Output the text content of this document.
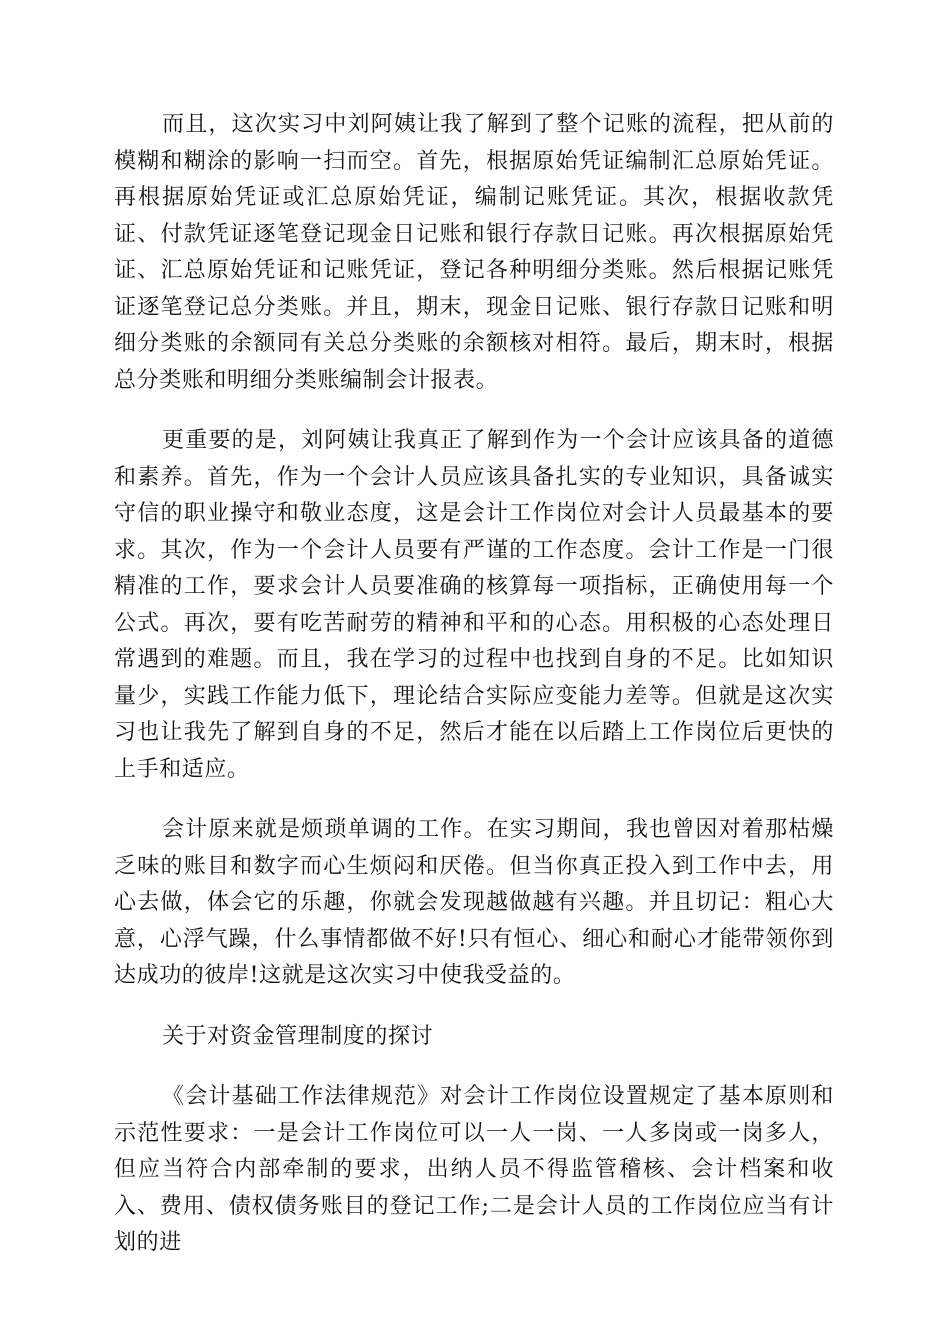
而且，这次实习中刘阿姨让我了解到了整个记账的流程，把从前的模糊和糊涂的影响一扫而空。首先，根据原始凭证编制汇总原始凭证。再根据原始凭证或汇总原始凭证，编制记账凭证。其次，根据收款凭证、付款凭证逐笔登记现金日记账和银行存款日记账。再次根据原始凭证、汇总原始凭证和记账凭证，登记各种明细分类账。然后根据记账凭证逐笔登记总分类账。并且，期末，现金日记账、银行存款日记账和明细分类账的余额同有关总分类账的余额核对相符。最后，期末时，根据总分类账和明细分类账编制会计报表。

更重要的是，刘阿姨让我真正了解到作为一个会计应该具备的道德和素养。首先，作为一个会计人员应该具备扎实的专业知识，具备诚实守信的职业操守和敬业态度，这是会计工作岗位对会计人员最基本的要求。其次，作为一个会计人员要有严谨的工作态度。会计工作是一门很精准的工作，要求会计人员要准确的核算每一项指标，正确使用每一个公式。再次，要有吃苦耐劳的精神和平和的心态。用积极的心态处理日常遇到的难题。而且，我在学习的过程中也找到自身的不足。比如知识量少，实践工作能力低下，理论结合实际应变能力差等。但就是这次实习也让我先了解到自身的不足，然后才能在以后踏上工作岗位后更快的上手和适应。

会计原来就是烦琐单调的工作。在实习期间，我也曾因对着那枯燥乏味的账目和数字而心生烦闷和厌倦。但当你真正投入到工作中去，用心去做，体会它的乐趣，你就会发现越做越有兴趣。并且切记：粗心大意，心浮气躁，什么事情都做不好!只有恒心、细心和耐心才能带领你到达成功的彼岸!这就是这次实习中使我受益的。

关于对资金管理制度的探讨

《会计基础工作法律规范》对会计工作岗位设置规定了基本原则和示范性要求：一是会计工作岗位可以一人一岗、一人多岗或一岗多人，但应当符合内部牵制的要求，出纳人员不得监管稽核、会计档案和收入、费用、债权债务账目的登记工作;二是会计人员的工作岗位应当有计划的进
